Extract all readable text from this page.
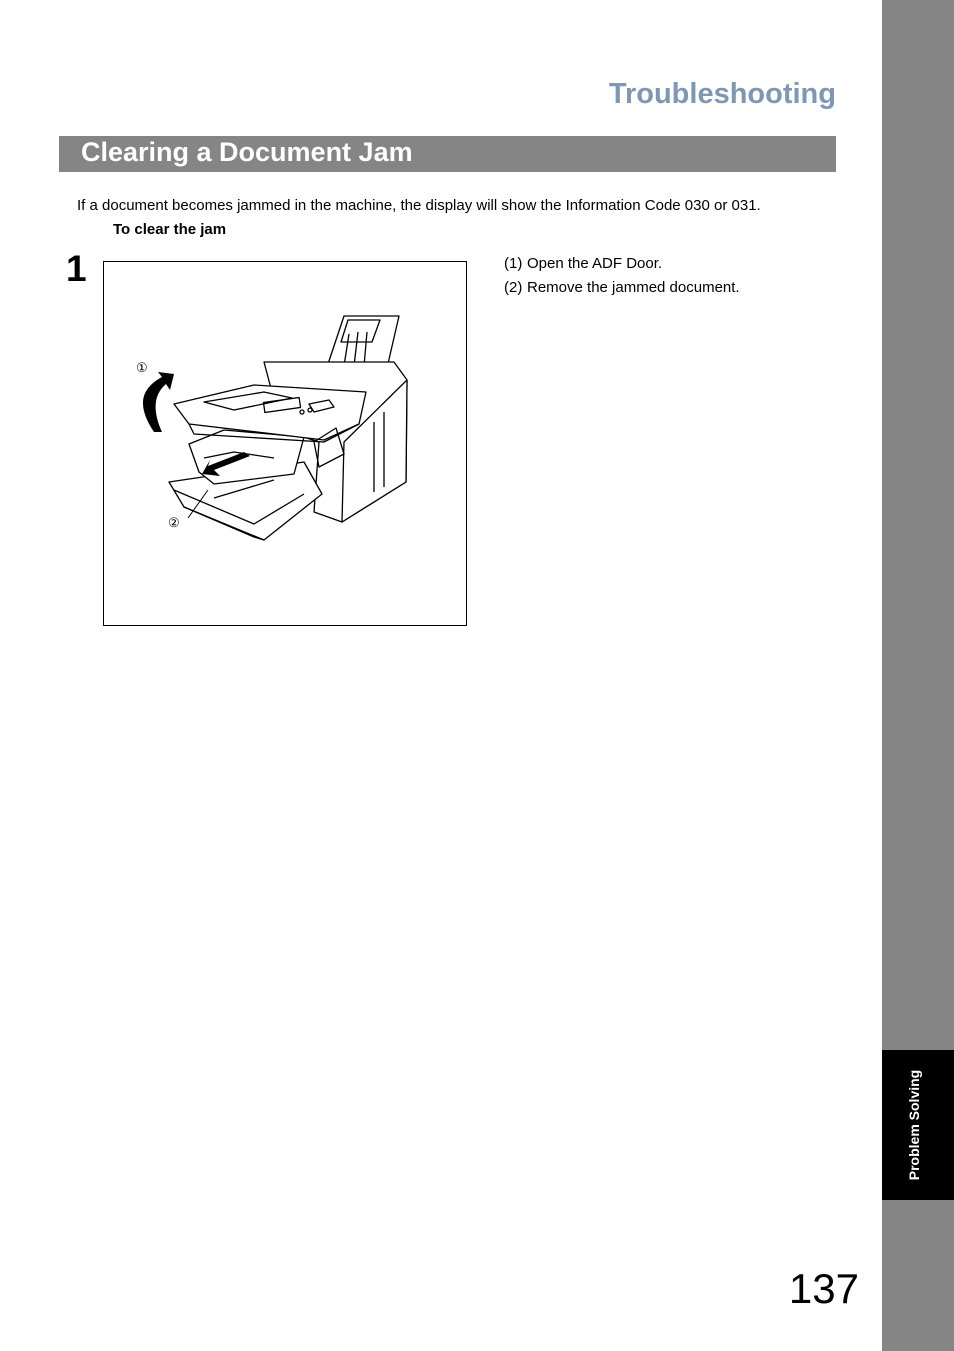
Problem Solving
Troubleshooting
Clearing a Document Jam
If a document becomes jammed in the machine, the display will show the Information Code 030 or 031.
To clear the jam
1
①
②
(1) Open the ADF Door.
(2) Remove the jammed document.
137
